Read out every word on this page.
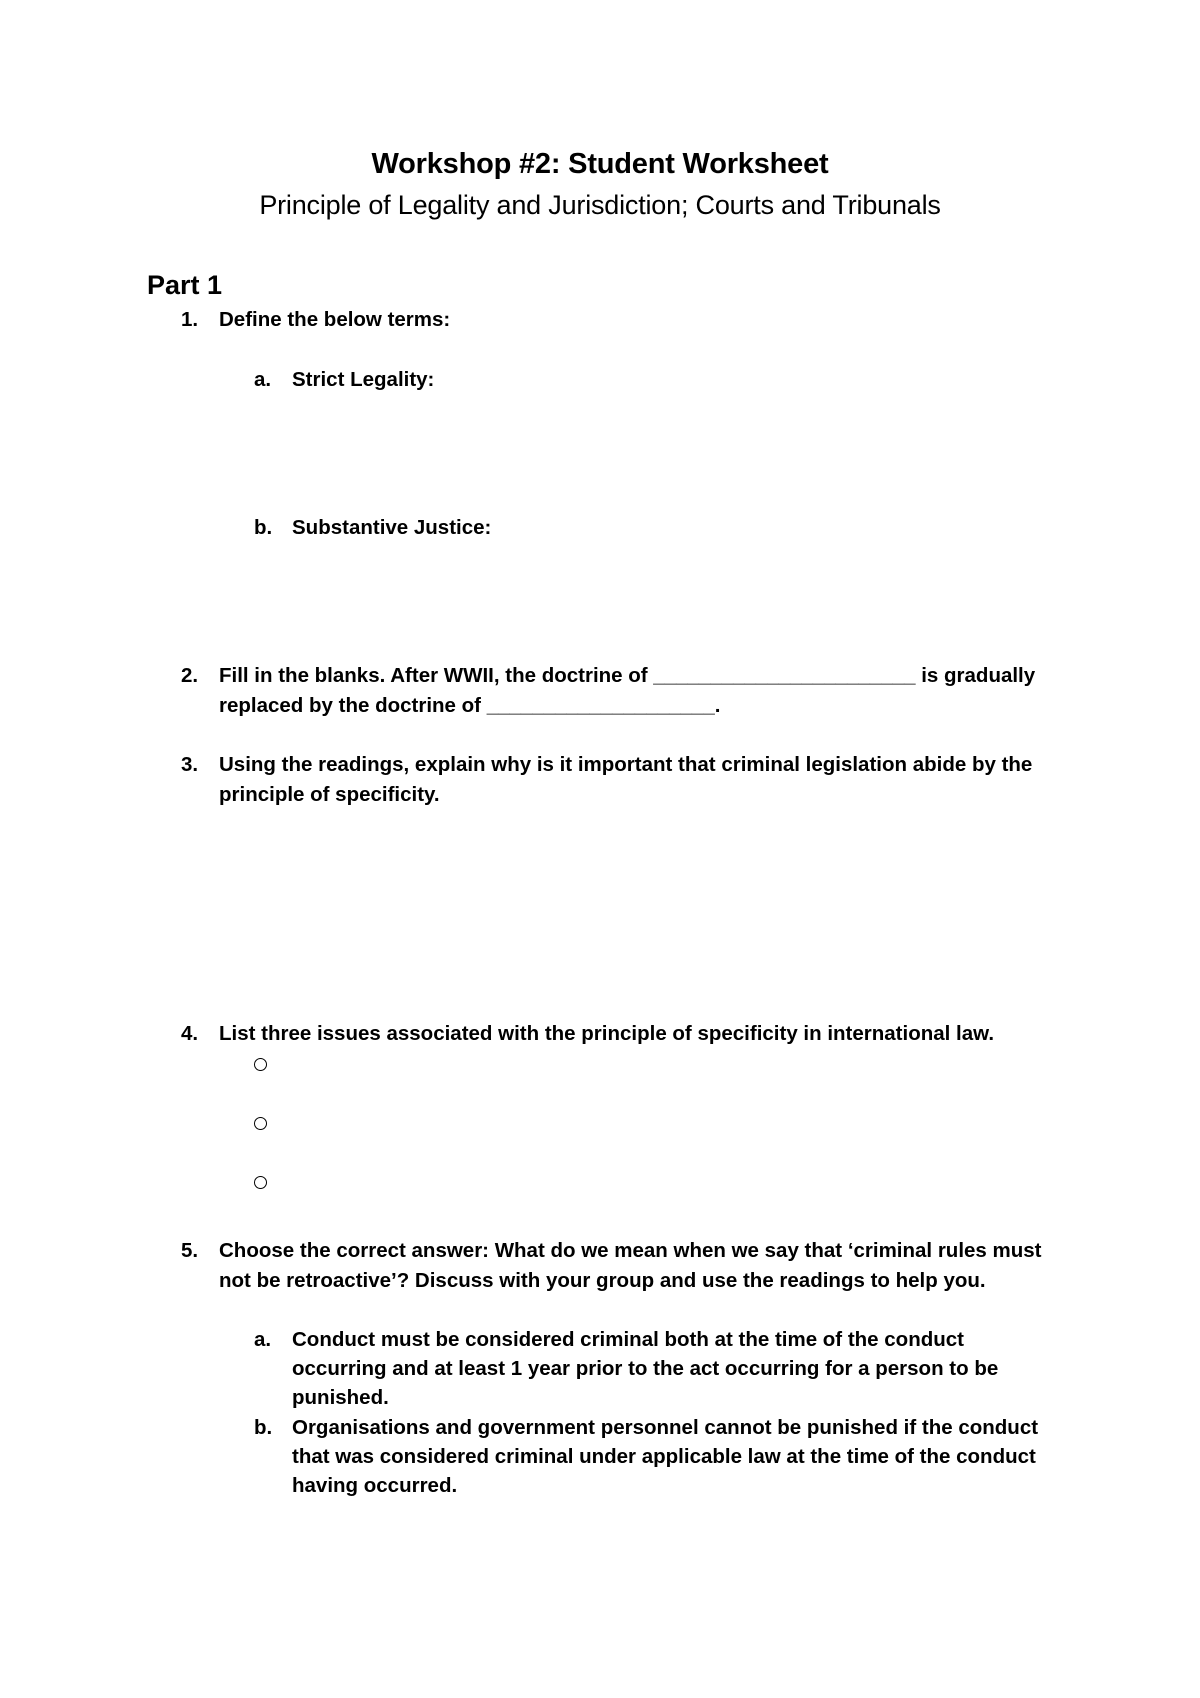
Workshop #2: Student Worksheet
Principle of Legality and Jurisdiction; Courts and Tribunals
Part 1
1.	Define the below terms:
a.	Strict Legality:
b. Substantive Justice:
2.	Fill in the blanks. After WWII, the doctrine of _______________________ is gradually
replaced by the doctrine of ____________________.
3.	Using the readings, explain why is it important that criminal legislation abide by the
principle of specificity.
4.	List three issues associated with the principle of specificity in international law.
5.	Choose the correct answer: What do we mean when we say that ‘criminal rules must
not be retroactive’? Discuss with your group and use the readings to help you.
a.	Conduct must be considered criminal both at the time of the conduct
occurring and at least 1 year prior to the act occurring for a person to be
punished.
b. Organisations and government personnel cannot be punished if the conduct
that was considered criminal under applicable law at the time of the conduct
having occurred.
